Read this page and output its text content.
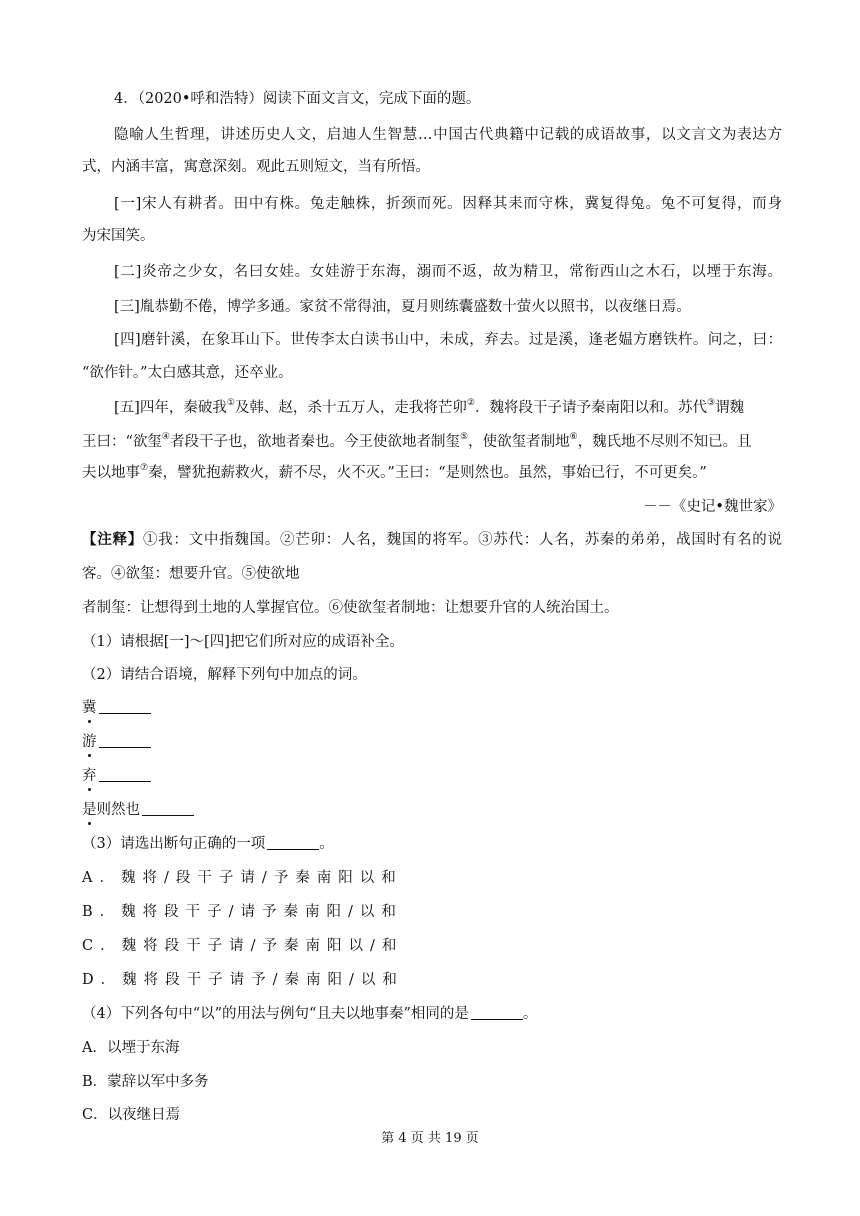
4．（2020•呼和浩特）阅读下面文言文，完成下面的题。
隐喻人生哲理，讲述历史人文，启迪人生智慧…中国古代典籍中记载的成语故事，以文言文为表达方
式，内涵丰富，寓意深刻。观此五则短文，当有所悟。
[一]宋人有耕者。田中有株。兔走触株，折颈而死。因释其耒而守株，冀复得兔。兔不可复得，而身
为宋国笑。
[二]炎帝之少女，名曰女娃。女娃游于东海，溺而不返，故为精卫，常衔西山之木石，以堙于东海。
[三]胤恭勤不倦，博学多通。家贫不常得油，夏月则练囊盛数十萤火以照书，以夜继日焉。
[四]磨针溪，在象耳山下。世传李太白读书山中，未成，弃去。过是溪，逢老媪方磨铁杵。问之，曰：
“欲作针。”太白感其意，还卒业。
[五]四年，秦破我①及韩、赵，杀十五万人，走我将芒卯②．魏将段干子请予秦南阳以和。苏代③谓魏
王曰：“欲玺④者段干子也，欲地者秦也。今王使欲地者制玺⑤，使欲玺者制地⑥，魏氏地不尽则不知已。且
夫以地事⑦秦，譬犹抱薪救火，薪不尽，火不灭。”王曰：“是则然也。虽然，事始已行，不可更矣。”
－－《史记•魏世家》
【注释】①我：文中指魏国。②芒卯：人名，魏国的将军。③苏代：人名，苏秦的弟弟，战国时有名的说
客。④欲玺：想要升官。⑤使欲地
者制玺：让想得到土地的人掌握官位。⑥使欲玺者制地：让想要升官的人统治国土。
（1）请根据[一]～[四]把它们所对应的成语补全。
（2）请结合语境，解释下列句中加点的词。
冀
游
弃
是则然也
（3）请选出断句正确的一项	。
A．魏将/段干子请/予秦南阳以和
B．魏将段干子/请予秦南阳/以和
C．魏将段干子请/予秦南阳以/和
D．魏将段干子请予/秦南阳/以和
（4）下列各句中“以”的用法与例句“且夫以地事秦”相同的是	。
A．以堙于东海
B．蒙辞以军中多务
C．以夜继日焉
第 4 页 共 19 页
